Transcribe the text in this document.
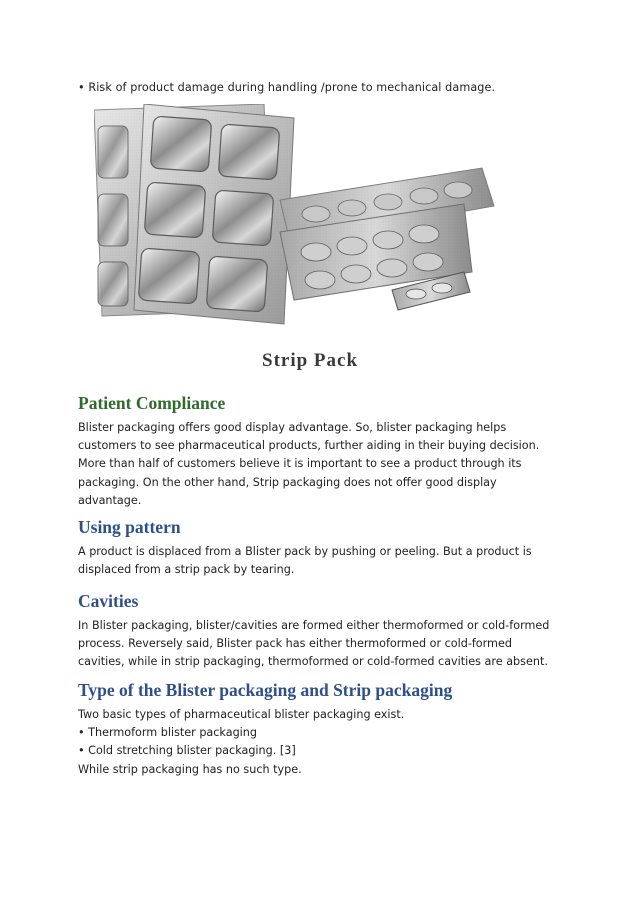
• Risk of product damage during handling /prone to mechanical damage.
Strip Pack
Patient Compliance

Blister packaging offers good display advantage. So, blister packaging helps

customers to see pharmaceutical products, further aiding in their buying decision.

More than half of customers believe it is important to see a product through its

packaging. On the other hand, Strip packaging does not offer good display

advantage.

Using pattern

A product is displaced from a Blister pack by pushing or peeling. But a product is

displaced from a strip pack by tearing.

Cavities

In Blister packaging, blister/cavities are formed either thermoformed or cold-formed

process. Reversely said, Blister pack has either thermoformed or cold-formed

cavities, while in strip packaging, thermoformed or cold-formed cavities are absent.

Type of the Blister packaging and Strip packaging

Two basic types of pharmaceutical blister packaging exist.

• Thermoform blister packaging

• Cold stretching blister packaging. [3]

While strip packaging has no such type.
